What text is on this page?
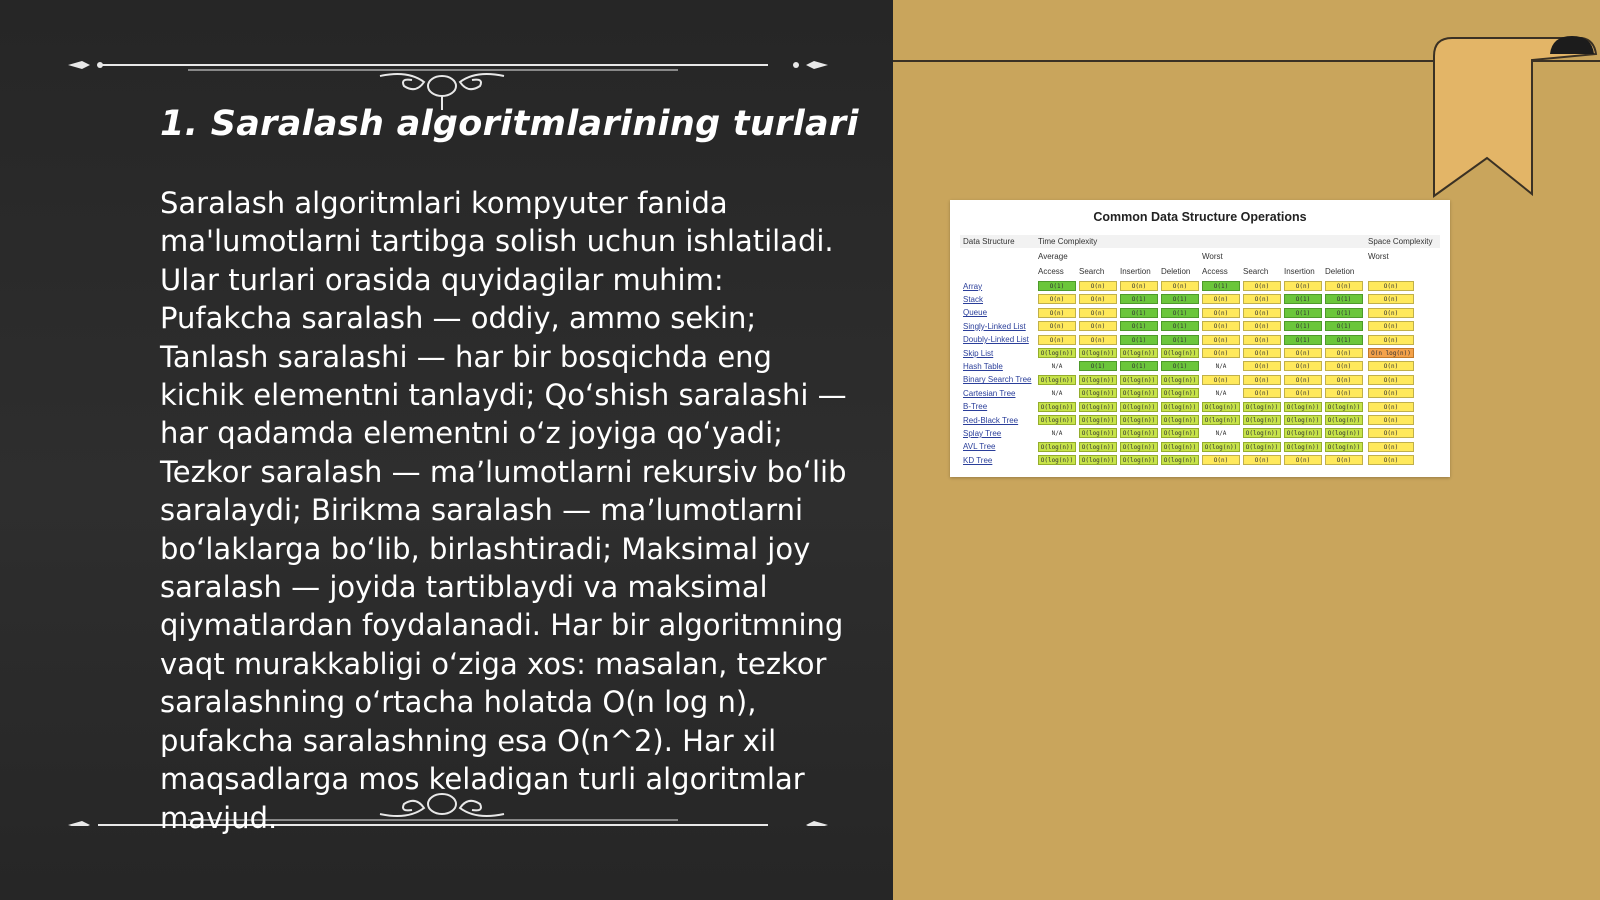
1. Saralash algoritmlarining turlari

Saralash algoritmlari kompyuter fanida ma'lumotlarni tartibga solish uchun ishlatiladi. Ular turlari orasida quyidagilar muhim: Pufakcha saralash — oddiy, ammo sekin; Tanlash saralashi — har bir bosqichda eng kichik elementni tanlaydi; Qo‘shish saralashi — har qadamda elementni o‘z joyiga qo‘yadi; Tezkor saralash — ma’lumotlarni rekursiv bo‘lib saralaydi; Birikma saralash — ma’lumotlarni bo‘laklarga bo‘lib, birlashtiradi; Maksimal joy saralash — joyida tartiblaydi va maksimal qiymatlardan foydalanadi. Har bir algoritmning vaqt murakkabligi o‘ziga xos: masalan, tezkor saralashning o‘rtacha holatda O(n log n), pufakcha saralashning esa O(n^2). Har xil maqsadlarga mos keladigan turli algoritmlar mavjud.

Common Data Structure Operations
Data Structure	Time Complexity	Space Complexity
Average	Worst	Worst
Access Search Insertion Deletion Access Search Insertion Deletion
Array	O(1)	O(n)	O(n)	O(n)	O(1)	O(n)	O(n)	O(n)	O(n)
Stack	O(n)	O(n)	O(1)	O(1)	O(n)	O(n)	O(1)	O(1)	O(n)
Queue	O(n)	O(n)	O(1)	O(1)	O(n)	O(n)	O(1)	O(1)	O(n)
Singly-Linked List	O(n)	O(n)	O(1)	O(1)	O(n)	O(n)	O(1)	O(1)	O(n)
Doubly-Linked List	O(n)	O(n)	O(1)	O(1)	O(n)	O(n)	O(1)	O(1)	O(n)
Skip List	O(log(n))	O(log(n))	O(log(n))	O(log(n))	O(n)	O(n)	O(n)	O(n)	O(n log(n))
Hash Table	N/A	O(1)	O(1)	O(1)	N/A	O(n)	O(n)	O(n)	O(n)
Binary Search Tree	O(log(n))	O(log(n))	O(log(n))	O(log(n))	O(n)	O(n)	O(n)	O(n)	O(n)
Cartesian Tree	N/A	O(log(n))	O(log(n))	O(log(n))	N/A	O(n)	O(n)	O(n)	O(n)
B-Tree	O(log(n))	O(log(n))	O(log(n))	O(log(n))	O(log(n))	O(log(n))	O(log(n))	O(log(n))	O(n)
Red-Black Tree	O(log(n))	O(log(n))	O(log(n))	O(log(n))	O(log(n))	O(log(n))	O(log(n))	O(log(n))	O(n)
Splay Tree	N/A	O(log(n))	O(log(n))	O(log(n))	N/A	O(log(n))	O(log(n))	O(log(n))	O(n)
AVL Tree	O(log(n))	O(log(n))	O(log(n))	O(log(n))	O(log(n))	O(log(n))	O(log(n))	O(log(n))	O(n)
KD Tree	O(log(n))	O(log(n))	O(log(n))	O(log(n))	O(n)	O(n)	O(n)	O(n)	O(n)
